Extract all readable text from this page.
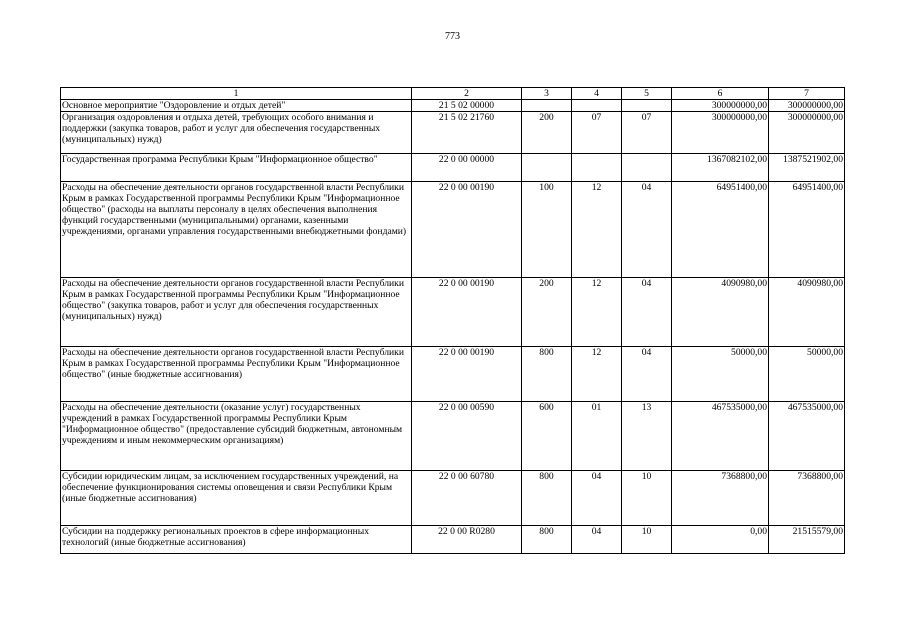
773
1	2	3	4	5	6	7
Основное мероприятие "Оздоровление и отдых детей"	21 5 02 00000				300000000,00	300000000,00
Организация оздоровления и отдыха детей, требующих особого внимания и поддержки (закупка товаров, работ и услуг для обеспечения государственных (муниципальных) нужд)	21 5 02 21760	200	07	07	300000000,00	300000000,00
Государственная программа Республики Крым "Информационное общество"	22 0 00 00000				1367082102,00	1387521902,00
Расходы на обеспечение деятельности органов государственной власти Республики Крым в рамках Государственной программы Республики Крым "Информационное общество" (расходы на выплаты персоналу в целях обеспечения выполнения функций государственными (муниципальными) органами, казенными учреждениями, органами управления государственными внебюджетными фондами)	22 0 00 00190	100	12	04	64951400,00	64951400,00
Расходы на обеспечение деятельности органов государственной власти Республики Крым в рамках Государственной программы Республики Крым "Информационное общество" (закупка товаров, работ и услуг для обеспечения государственных (муниципальных) нужд)	22 0 00 00190	200	12	04	4090980,00	4090980,00
Расходы на обеспечение деятельности органов государственной власти Республики Крым в рамках Государственной программы Республики Крым "Информационное общество" (иные бюджетные ассигнования)	22 0 00 00190	800	12	04	50000,00	50000,00
Расходы на обеспечение деятельности (оказание услуг) государственных учреждений в рамках Государственной программы Республики Крым "Информационное общество" (предоставление субсидий бюджетным, автономным учреждениям и иным некоммерческим организациям)	22 0 00 00590	600	01	13	467535000,00	467535000,00
Субсидии юридическим лицам, за исключением государственных учреждений, на обеспечение функционирования системы оповещения и связи Республики Крым (иные бюджетные ассигнования)	22 0 00 60780	800	04	10	7368800,00	7368800,00
Субсидии на поддержку региональных проектов в сфере информационных технологий (иные бюджетные ассигнования)	22 0 00 R0280	800	04	10	0,00	21515579,00
